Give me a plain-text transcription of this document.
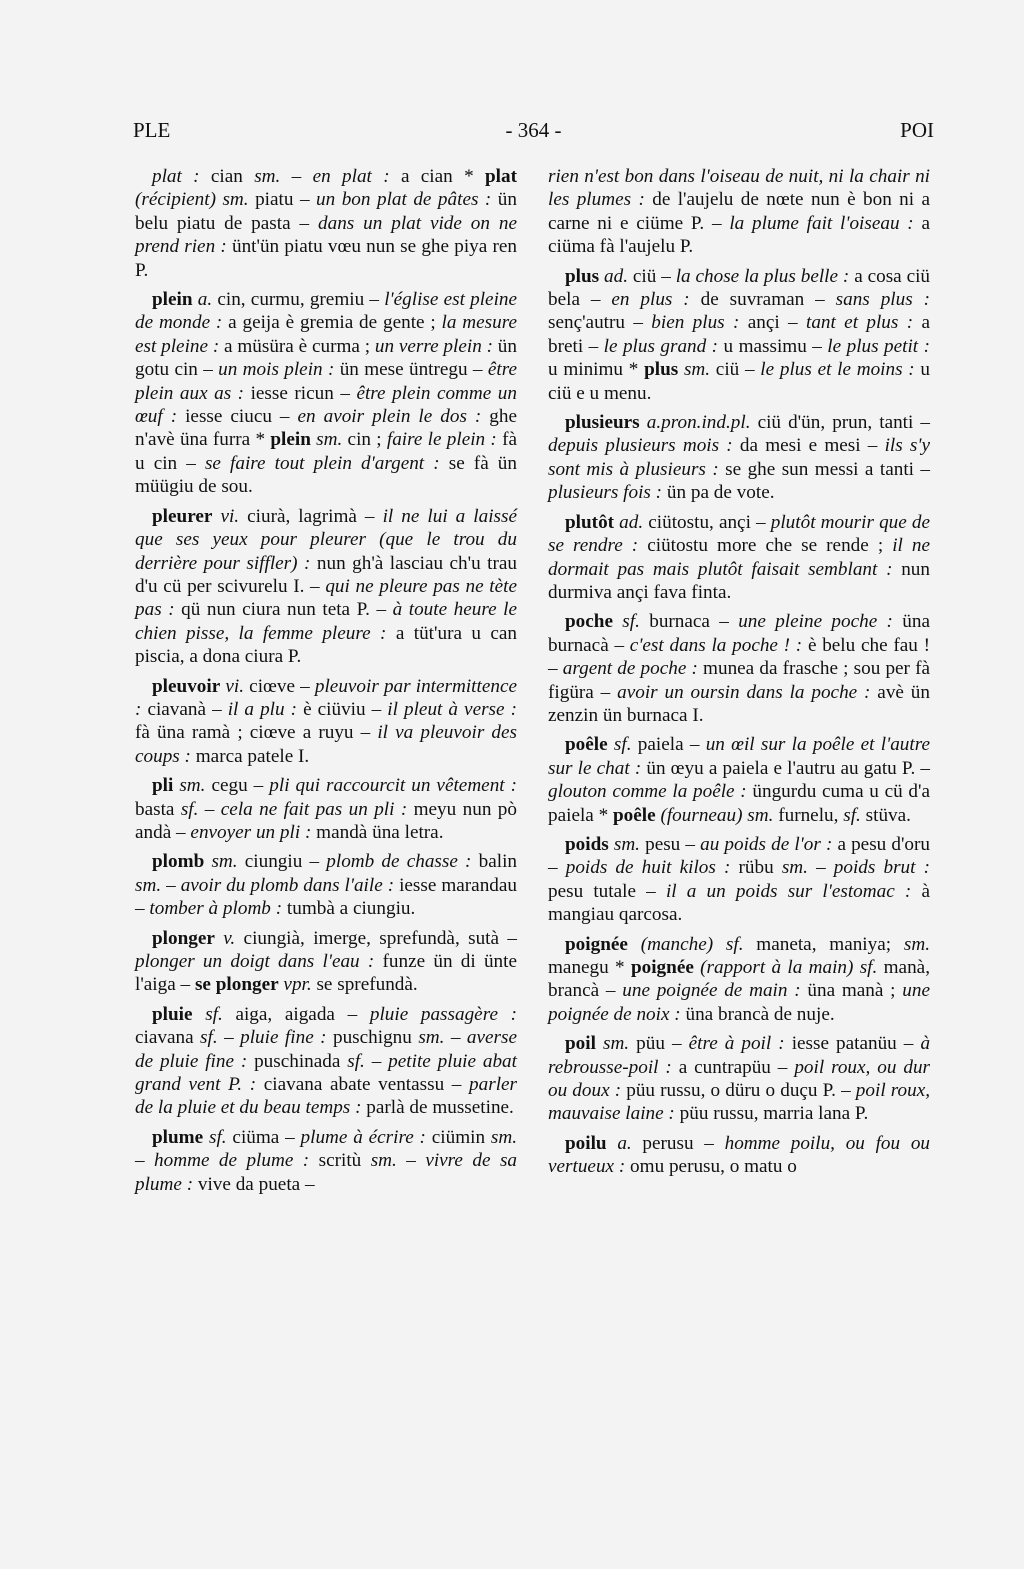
PLE	- 364 -	POI

plat : cian sm. – en plat : a cian * plat (récipient) sm. piatu – un bon plat de pâtes : ün belu piatu de pasta – dans un plat vide on ne prend rien : ünt'ün piatu vœu nun se ghe piya ren P.

plein a. cin, curmu, gremiu – l'église est pleine de monde : a geija è gremia de gente ; la mesure est pleine : a müsüra è curma ; un verre plein : ün gotu cin – un mois plein : ün mese üntregu – être plein aux as : iesse ricun – être plein comme un œuf : iesse ciucu – en avoir plein le dos : ghe n'avè üna furra * plein sm. cin ; faire le plein : fà u cin – se faire tout plein d'argent : se fà ün müügiu de sou.

pleurer vi. ciurà, lagrimà – il ne lui a laissé que ses yeux pour pleurer (que le trou du derrière pour siffler) : nun gh'à lasciau ch'u trau d'u cü per scivurelu I. – qui ne pleure pas ne tète pas : qü nun ciura nun teta P. – à toute heure le chien pisse, la femme pleure : a tüt'ura u can piscia, a dona ciura P.

pleuvoir vi. ciœve – pleuvoir par intermittence : ciavanà – il a plu : è ciüviu – il pleut à verse : fà üna ramà ; ciœve a ruyu – il va pleuvoir des coups : marca patele I.

pli sm. cegu – pli qui raccourcit un vêtement : basta sf. – cela ne fait pas un pli : meyu nun pò andà – envoyer un pli : mandà üna letra.

plomb sm. ciungiu – plomb de chasse : balin sm. – avoir du plomb dans l'aile : iesse marandau – tomber à plomb : tumbà a ciungiu.

plonger v. ciungià, imerge, sprefundà, sutà – plonger un doigt dans l'eau : funze ün di ünte l'aiga – se plonger vpr. se sprefundà.

pluie sf. aiga, aigada – pluie passagère : ciavana sf. – pluie fine : puschignu sm. – averse de pluie fine : puschinada sf. – petite pluie abat grand vent P. : ciavana abate ventassu – parler de la pluie et du beau temps : parlà de mussetine.

plume sf. ciüma – plume à écrire : ciümin sm. – homme de plume : scritù sm. – vivre de sa plume : vive da pueta –

rien n'est bon dans l'oiseau de nuit, ni la chair ni les plumes : de l'aujelu de nœte nun è bon ni a carne ni e ciüme P. – la plume fait l'oiseau : a ciüma fà l'aujelu P.

plus ad. ciü – la chose la plus belle : a cosa ciü bela – en plus : de suvraman – sans plus : senç'autru – bien plus : ançi – tant et plus : a breti – le plus grand : u massimu – le plus petit : u minimu * plus sm. ciü – le plus et le moins : u ciü e u menu.

plusieurs a.pron.ind.pl. ciü d'ün, prun, tanti – depuis plusieurs mois : da mesi e mesi – ils s'y sont mis à plusieurs : se ghe sun messi a tanti – plusieurs fois : ün pa de vote.

plutôt ad. ciütostu, ançi – plutôt mourir que de se rendre : ciütostu more che se rende ; il ne dormait pas mais plutôt faisait semblant : nun durmiva ançi fava finta.

poche sf. burnaca – une pleine poche : üna burnacà – c'est dans la poche ! : è belu che fau ! – argent de poche : munea da frasche ; sou per fà figüra – avoir un oursin dans la poche : avè ün zenzin ün burnaca I.

poêle sf. paiela – un œil sur la poêle et l'autre sur le chat : ün œyu a paiela e l'autru au gatu P. – glouton comme la poêle : üngurdu cuma u cü d'a paiela * poêle (fourneau) sm. furnelu, sf. stüva.

poids sm. pesu – au poids de l'or : a pesu d'oru – poids de huit kilos : rübu sm. – poids brut : pesu tutale – il a un poids sur l'estomac : à mangiau qarcosa.

poignée (manche) sf. maneta, maniya; sm. manegu * poignée (rapport à la main) sf. manà, brancà – une poignée de main : üna manà ; une poignée de noix : üna brancà de nuje.

poil sm. püu – être à poil : iesse patanüu – à rebrousse-poil : a cuntrapüu – poil roux, ou dur ou doux : püu russu, o düru o duçu P. – poil roux, mauvaise laine : püu russu, marria lana P.

poilu a. perusu – homme poilu, ou fou ou vertueux : omu perusu, o matu o
